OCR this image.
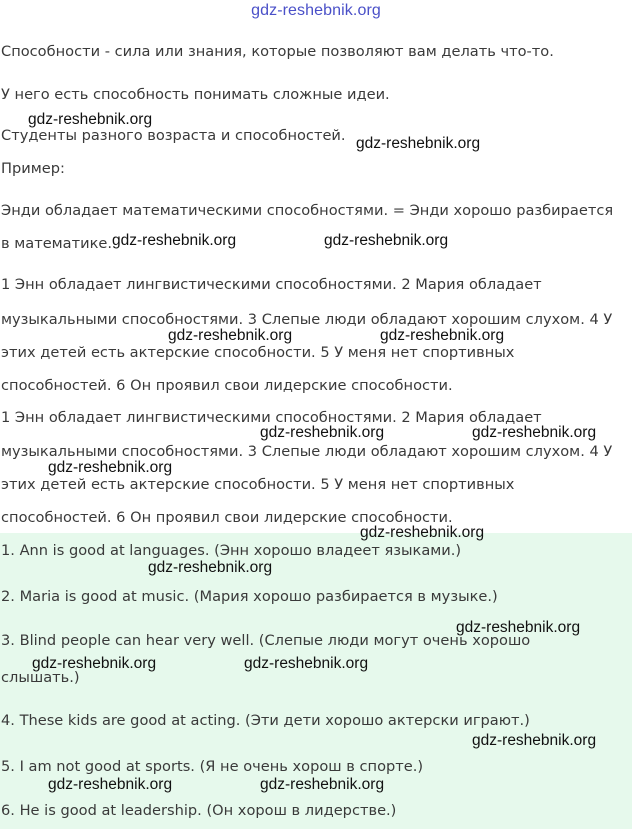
gdz-reshebnik.org
Способности - сила или знания, которые позволяют вам делать что-то.
У него есть способность понимать сложные идеи.
Студенты разного возраста и способностей.
Пример:
Энди обладает математическими способностями. = Энди хорошо разбирается
в математике.
1 Энн обладает лингвистическими способностями. 2 Мария обладает
музыкальными способностями. 3 Слепые люди обладают хорошим слухом. 4 У
этих детей есть актерские способности. 5 У меня нет спортивных
способностей. 6 Он проявил свои лидерские способности.
1 Энн обладает лингвистическими способностями. 2 Мария обладает
музыкальными способностями. 3 Слепые люди обладают хорошим слухом. 4 У
этих детей есть актерские способности. 5 У меня нет спортивных
способностей. 6 Он проявил свои лидерские способности.
1. Ann is good at languages. (Энн хорошо владеет языками.)
2. Maria is good at music. (Мария хорошо разбирается в музыке.)
3. Blind people can hear very well. (Слепые люди могут очень хорошо
слышать.)
4. These kids are good at acting. (Эти дети хорошо актерски играют.)
5. I am not good at sports. (Я не очень хорош в спорте.)
6. He is good at leadership. (Он хорош в лидерстве.)
gdz-reshebnik.org
gdz-reshebnik.org
gdz-reshebnik.org	gdz-reshebnik.org
gdz-reshebnik.org	gdz-reshebnik.org
gdz-reshebnik.org	gdz-reshebnik.org
gdz-reshebnik.org
gdz-reshebnik.org
gdz-reshebnik.org
gdz-reshebnik.org
gdz-reshebnik.org	gdz-reshebnik.org
gdz-reshebnik.org
gdz-reshebnik.org	gdz-reshebnik.org
